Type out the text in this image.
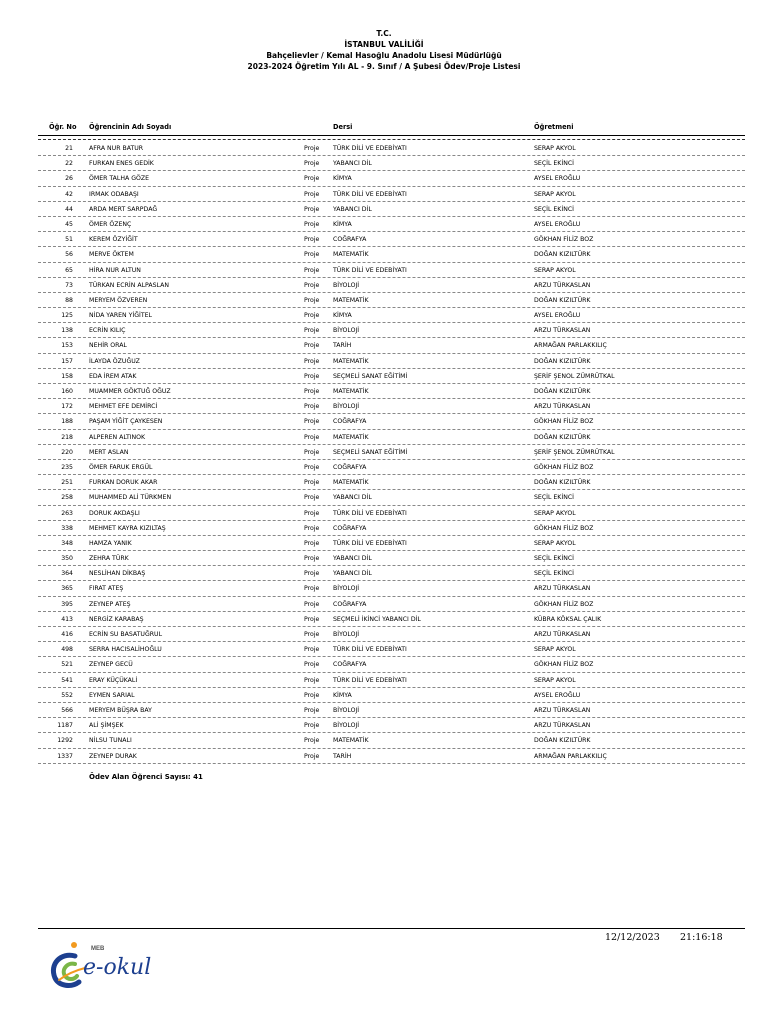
T.C.
İSTANBUL VALİLİĞİ
Bahçelievler / Kemal Hasoğlu Anadolu Lisesi Müdürlüğü
2023-2024 Öğretim Yılı AL - 9. Sınıf / A Şubesi Ödev/Proje Listesi
Öğr. No Öğrencinin Adı Soyadı	Dersi	Öğretmeni
21	AFRA NUR BATUR	Proje TÜRK DİLİ VE EDEBİYATI	SERAP AKYOL
22	FURKAN ENES GEDİK	Proje YABANCI DİL	SEÇİL EKİNCİ
26	ÖMER TALHA GÖZE	Proje KİMYA	AYSEL EROĞLU
42	IRMAK ODABAŞI	Proje TÜRK DİLİ VE EDEBİYATI	SERAP AKYOL
44	ARDA MERT SARPDAĞ	Proje YABANCI DİL	SEÇİL EKİNCİ
45	ÖMER ÖZENÇ	Proje KİMYA	AYSEL EROĞLU
51	KEREM ÖZYİĞİT	Proje COĞRAFYA	GÖKHAN FİLİZ BOZ
56	MERVE ÖKTEM	Proje MATEMATİK	DOĞAN KIZILTÜRK
65	HİRA NUR ALTUN	Proje TÜRK DİLİ VE EDEBİYATI	SERAP AKYOL
73	TÜRKAN ECRİN ALPASLAN	Proje BİYOLOJİ	ARZU TÜRKASLAN
88	MERYEM ÖZVEREN	Proje MATEMATİK	DOĞAN KIZILTÜRK
125	NİDA YAREN YİĞİTEL	Proje KİMYA	AYSEL EROĞLU
138	ECRİN KILIÇ	Proje BİYOLOJİ	ARZU TÜRKASLAN
153	NEHİR ORAL	Proje TARİH	ARMAĞAN PARLAKKILIÇ
157	İLAYDA ÖZUĞUZ	Proje MATEMATİK	DOĞAN KIZILTÜRK
158	EDA İREM ATAK	Proje SEÇMELİ SANAT EĞİTİMİ	ŞERİF ŞENOL ZÜMRÜTKAL
160	MUAMMER GÖKTUĞ OĞUZ	Proje MATEMATİK	DOĞAN KIZILTÜRK
172	MEHMET EFE DEMİRCİ	Proje BİYOLOJİ	ARZU TÜRKASLAN
188	PAŞAM YİĞİT ÇAYKESEN	Proje COĞRAFYA	GÖKHAN FİLİZ BOZ
218	ALPEREN ALTINOK	Proje MATEMATİK	DOĞAN KIZILTÜRK
220	MERT ASLAN	Proje SEÇMELİ SANAT EĞİTİMİ	ŞERİF ŞENOL ZÜMRÜTKAL
235	ÖMER FARUK ERGÜL	Proje COĞRAFYA	GÖKHAN FİLİZ BOZ
251	FURKAN DORUK AKAR	Proje MATEMATİK	DOĞAN KIZILTÜRK
258	MUHAMMED ALİ TÜRKMEN	Proje YABANCI DİL	SEÇİL EKİNCİ
263	DORUK AKDAŞLI	Proje TÜRK DİLİ VE EDEBİYATI	SERAP AKYOL
338	MEHMET KAYRA KIZILTAŞ	Proje COĞRAFYA	GÖKHAN FİLİZ BOZ
348	HAMZA YANIK	Proje TÜRK DİLİ VE EDEBİYATI	SERAP AKYOL
350	ZEHRA TÜRK	Proje YABANCI DİL	SEÇİL EKİNCİ
364	NESLİHAN DİKBAŞ	Proje YABANCI DİL	SEÇİL EKİNCİ
365	FIRAT ATEŞ	Proje BİYOLOJİ	ARZU TÜRKASLAN
395	ZEYNEP ATEŞ	Proje COĞRAFYA	GÖKHAN FİLİZ BOZ
413	NERGİZ KARABAŞ	Proje SEÇMELİ İKİNCİ YABANCI DİL	KÜBRA KÖKSAL ÇALIK
416	ECRİN SU BASATUĞRUL	Proje BİYOLOJİ	ARZU TÜRKASLAN
498	SERRA HACISALİHOĞLU	Proje TÜRK DİLİ VE EDEBİYATI	SERAP AKYOL
521	ZEYNEP GECÜ	Proje COĞRAFYA	GÖKHAN FİLİZ BOZ
541	ERAY KÜÇÜKALİ	Proje TÜRK DİLİ VE EDEBİYATI	SERAP AKYOL
552	EYMEN SARIAL	Proje KİMYA	AYSEL EROĞLU
566	MERYEM BÜŞRA BAY	Proje BİYOLOJİ	ARZU TÜRKASLAN
1187	ALİ ŞİMŞEK	Proje BİYOLOJİ	ARZU TÜRKASLAN
1292	NİLSU TUNALI	Proje MATEMATİK	DOĞAN KIZILTÜRK
1337	ZEYNEP DURAK	Proje TARİH	ARMAĞAN PARLAKKILIÇ
Ödev Alan Öğrenci Sayısı: 41
12/12/2023 21:16:18
MEB
e-okul
